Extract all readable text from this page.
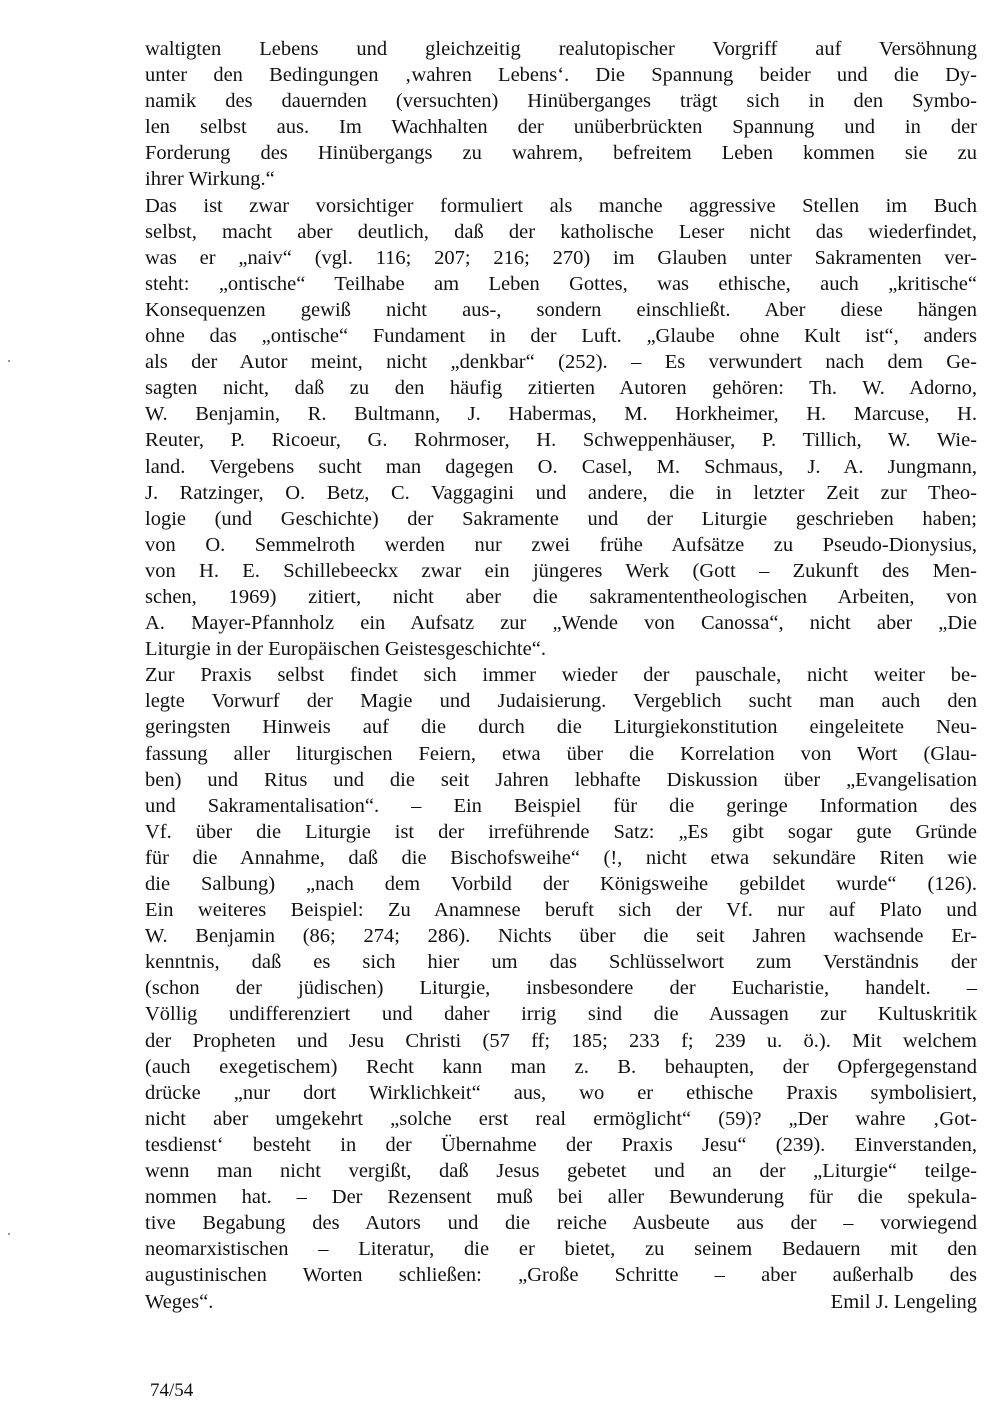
waltigten Lebens und gleichzeitig realutopischer Vorgriff auf Versöhnung
unter den Bedingungen ‚wahren Lebens‘. Die Spannung beider und die Dy-
namik des dauernden (versuchten) Hinüberganges trägt sich in den Symbo-
len selbst aus. Im Wachhalten der unüberbrückten Spannung und in der
Forderung des Hinübergangs zu wahrem, befreitem Leben kommen sie zu
ihrer Wirkung.“
Das ist zwar vorsichtiger formuliert als manche aggressive Stellen im Buch
selbst, macht aber deutlich, daß der katholische Leser nicht das wiederfindet,
was er „naiv“ (vgl. 116; 207; 216; 270) im Glauben unter Sakramenten ver-
steht: „ontische“ Teilhabe am Leben Gottes, was ethische, auch „kritische“
Konsequenzen gewiß nicht aus-, sondern einschließt. Aber diese hängen
ohne das „ontische“ Fundament in der Luft. „Glaube ohne Kult ist“, anders
als der Autor meint, nicht „denkbar“ (252). – Es verwundert nach dem Ge-
sagten nicht, daß zu den häufig zitierten Autoren gehören: Th. W. Adorno,
W. Benjamin, R. Bultmann, J. Habermas, M. Horkheimer, H. Marcuse, H.
Reuter, P. Ricoeur, G. Rohrmoser, H. Schweppenhäuser, P. Tillich, W. Wie-
land. Vergebens sucht man dagegen O. Casel, M. Schmaus, J. A. Jungmann,
J. Ratzinger, O. Betz, C. Vaggagini und andere, die in letzter Zeit zur Theo-
logie (und Geschichte) der Sakramente und der Liturgie geschrieben haben;
von O. Semmelroth werden nur zwei frühe Aufsätze zu Pseudo-Dionysius,
von H. E. Schillebeeckx zwar ein jüngeres Werk (Gott – Zukunft des Men-
schen, 1969) zitiert, nicht aber die sakramententheologischen Arbeiten, von
A. Mayer-Pfannholz ein Aufsatz zur „Wende von Canossa“, nicht aber „Die
Liturgie in der Europäischen Geistesgeschichte“.
Zur Praxis selbst findet sich immer wieder der pauschale, nicht weiter be-
legte Vorwurf der Magie und Judaisierung. Vergeblich sucht man auch den
geringsten Hinweis auf die durch die Liturgiekonstitution eingeleitete Neu-
fassung aller liturgischen Feiern, etwa über die Korrelation von Wort (Glau-
ben) und Ritus und die seit Jahren lebhafte Diskussion über „Evangelisation
und Sakramentalisation“. – Ein Beispiel für die geringe Information des
Vf. über die Liturgie ist der irreführende Satz: „Es gibt sogar gute Gründe
für die Annahme, daß die Bischofsweihe“ (!, nicht etwa sekundäre Riten wie
die Salbung) „nach dem Vorbild der Königsweihe gebildet wurde“ (126).
Ein weiteres Beispiel: Zu Anamnese beruft sich der Vf. nur auf Plato und
W. Benjamin (86; 274; 286). Nichts über die seit Jahren wachsende Er-
kenntnis, daß es sich hier um das Schlüsselwort zum Verständnis der
(schon der jüdischen) Liturgie, insbesondere der Eucharistie, handelt. –
Völlig undifferenziert und daher irrig sind die Aussagen zur Kultuskritik
der Propheten und Jesu Christi (57 ff; 185; 233 f; 239 u. ö.). Mit welchem
(auch exegetischem) Recht kann man z. B. behaupten, der Opfergegenstand
drücke „nur dort Wirklichkeit“ aus, wo er ethische Praxis symbolisiert,
nicht aber umgekehrt „solche erst real ermöglicht“ (59)? „Der wahre ‚Got-
tesdienst‘ besteht in der Übernahme der Praxis Jesu“ (239). Einverstanden,
wenn man nicht vergißt, daß Jesus gebetet und an der „Liturgie“ teilge-
nommen hat. – Der Rezensent muß bei aller Bewunderung für die spekula-
tive Begabung des Autors und die reiche Ausbeute aus der – vorwiegend
neomarxistischen – Literatur, die er bietet, zu seinem Bedauern mit den
augustinischen Worten schließen: „Große Schritte – aber außerhalb des
Weges“.	Emil J. Lengeling
74/54
